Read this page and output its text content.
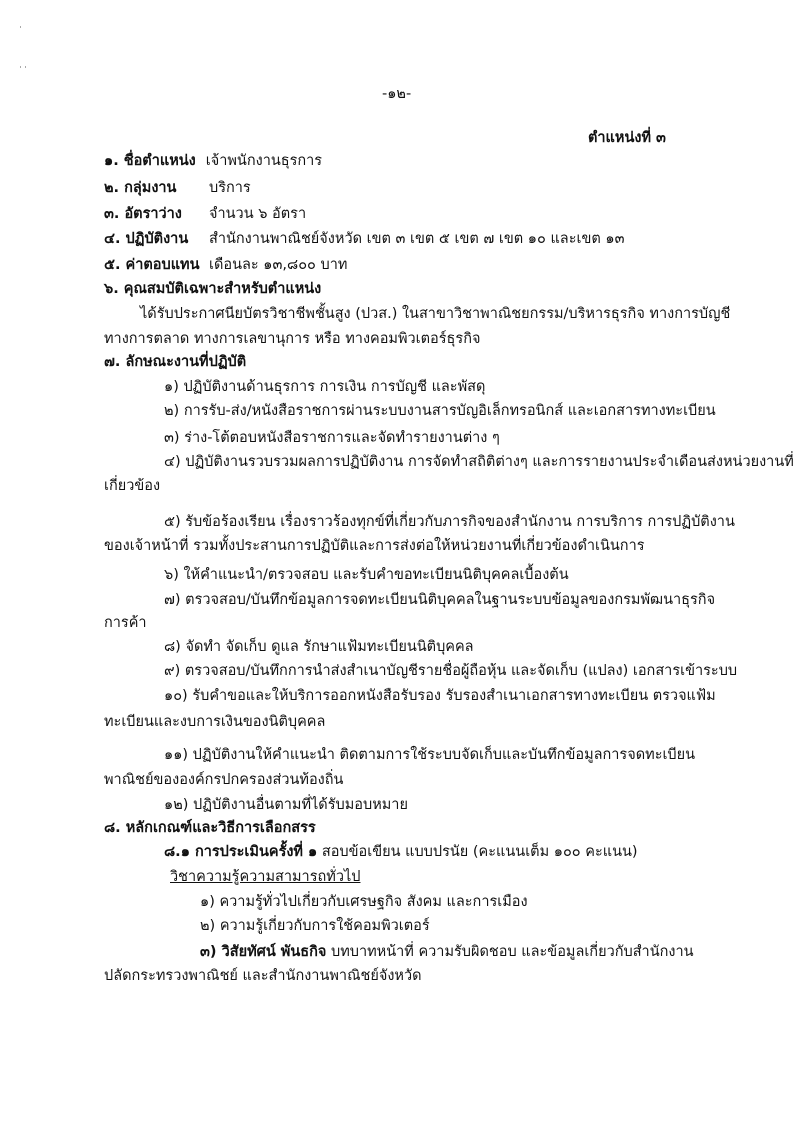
˙
˙˙
-๑๒-
ตำแหน่งที่ ๓
๑. ชื่อตำแหน่ง เจ้าพนักงานธุรการ
๒. กลุ่มงาน บริการ
๓. อัตราว่าง จำนวน ๖ อัตรา
๔. ปฏิบัติงาน สำนักงานพาณิชย์จังหวัด เขต ๓ เขต ๕ เขต ๗ เขต ๑๐ และเขต ๑๓
๕. ค่าตอบแทน เดือนละ ๑๓,๘๐๐ บาท
๖. คุณสมบัติเฉพาะสำหรับตำแหน่ง
ได้รับประกาศนียบัตรวิชาชีพชั้นสูง (ปวส.) ในสาขาวิชาพาณิชยกรรม/บริหารธุรกิจ ทางการบัญชี
ทางการตลาด ทางการเลขานุการ หรือ ทางคอมพิวเตอร์ธุรกิจ
๗. ลักษณะงานที่ปฏิบัติ
๑) ปฏิบัติงานด้านธุรการ การเงิน การบัญชี และพัสดุ
๒) การรับ-ส่ง/หนังสือราชการผ่านระบบงานสารบัญอิเล็กทรอนิกส์ และเอกสารทางทะเบียน
๓) ร่าง-โต้ตอบหนังสือราชการและจัดทำรายงานต่าง ๆ
๔) ปฏิบัติงานรวบรวมผลการปฏิบัติงาน การจัดทำสถิติต่างๆ และการรายงานประจำเดือนส่งหน่วยงานที่
เกี่ยวข้อง
๕) รับข้อร้องเรียน เรื่องราวร้องทุกข์ที่เกี่ยวกับภารกิจของสำนักงาน การบริการ การปฏิบัติงาน
ของเจ้าหน้าที่ รวมทั้งประสานการปฏิบัติและการส่งต่อให้หน่วยงานที่เกี่ยวข้องดำเนินการ
๖) ให้คำแนะนำ/ตรวจสอบ และรับคำขอทะเบียนนิติบุคคลเบื้องต้น
๗) ตรวจสอบ/บันทึกข้อมูลการจดทะเบียนนิติบุคคลในฐานระบบข้อมูลของกรมพัฒนาธุรกิจ
การค้า
๘) จัดทำ จัดเก็บ ดูแล รักษาแฟ้มทะเบียนนิติบุคคล
๙) ตรวจสอบ/บันทึกการนำส่งสำเนาบัญชีรายชื่อผู้ถือหุ้น และจัดเก็บ (แปลง) เอกสารเข้าระบบ
๑๐) รับคำขอและให้บริการออกหนังสือรับรอง รับรองสำเนาเอกสารทางทะเบียน ตรวจแฟ้ม
ทะเบียนและงบการเงินของนิติบุคคล
๑๑) ปฏิบัติงานให้คำแนะนำ ติดตามการใช้ระบบจัดเก็บและบันทึกข้อมูลการจดทะเบียน
พาณิชย์ขององค์กรปกครองส่วนท้องถิ่น
๑๒) ปฏิบัติงานอื่นตามที่ได้รับมอบหมาย
๘. หลักเกณฑ์และวิธีการเลือกสรร
๘.๑ การประเมินครั้งที่ ๑ สอบข้อเขียน แบบปรนัย (คะแนนเต็ม ๑๐๐ คะแนน)
วิชาความรู้ความสามารถทั่วไป
๑) ความรู้ทั่วไปเกี่ยวกับเศรษฐกิจ สังคม และการเมือง
๒) ความรู้เกี่ยวกับการใช้คอมพิวเตอร์
๓) วิสัยทัศน์ พันธกิจ บทบาทหน้าที่ ความรับผิดชอบ และข้อมูลเกี่ยวกับสำนักงาน
ปลัดกระทรวงพาณิชย์ และสำนักงานพาณิชย์จังหวัด
